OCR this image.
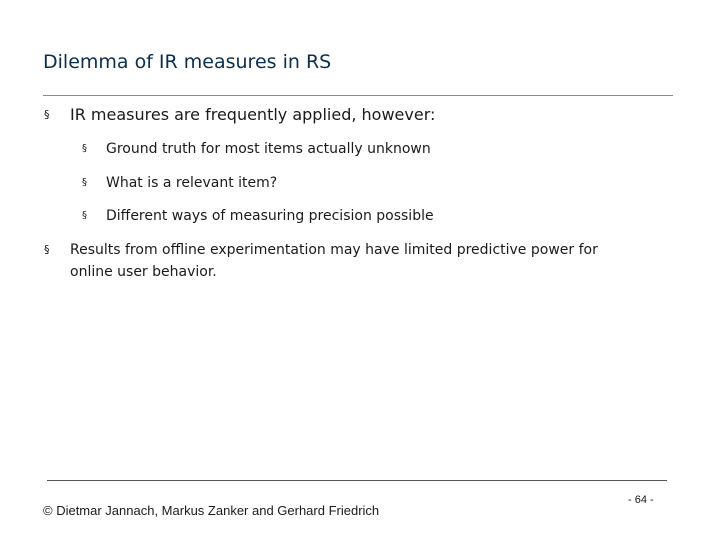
Dilemma of IR measures in RS
§	IR measures are frequently applied, however:
§	Ground truth for most items actually unknown
§	What is a relevant item?
§	Different ways of measuring precision possible
§	Results from offline experimentation may have limited predictive power for online user behavior.
© Dietmar Jannach, Markus Zanker and Gerhard Friedrich
- 64 -
